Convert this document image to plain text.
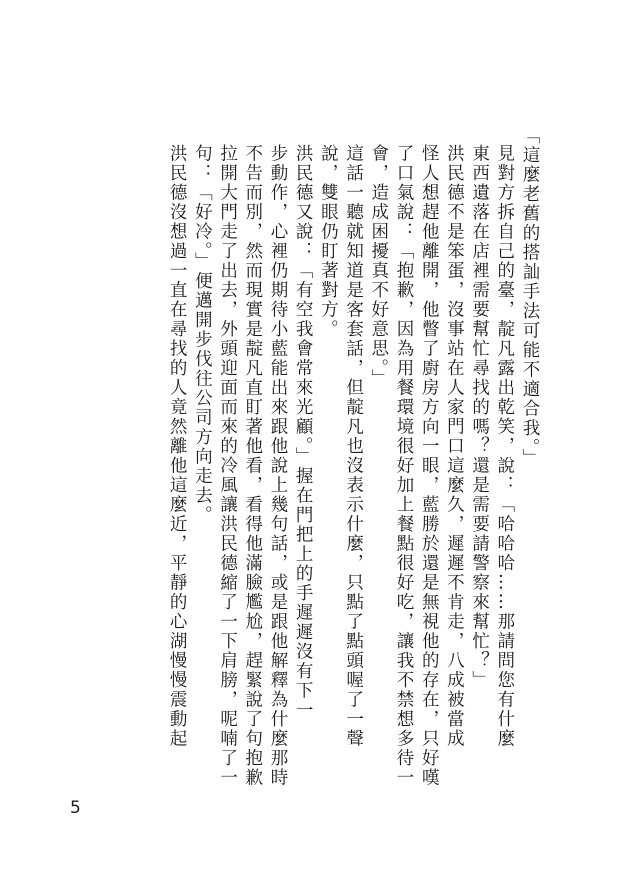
「這麼老舊的搭訕手法可能不適合我。」

見對方拆自己的臺，靛凡露出乾笑，說：「哈哈哈……那請問您有什麼
東西遺落在店裡需要幫忙尋找的嗎？還是需要請警察來幫忙？」

洪民德不是笨蛋，沒事站在人家門口這麼久，遲遲不肯走，八成被當成
怪人想趕他離開，他瞥了廚房方向一眼，藍勝於還是無視他的存在，只好嘆
了口氣說：「抱歉，因為用餐環境很好加上餐點很好吃，讓我不禁想多待一
會，造成困擾真不好意思。」

這話一聽就知道是客套話，但靛凡也沒表示什麼，只點了點頭喔了一聲
說，雙眼仍盯著對方。

洪民德又說：「有空我會常來光顧。」握在門把上的手遲遲沒有下一
步動作，心裡仍期待小藍能出來跟他說上幾句話，或是跟他解釋為什麼那時
不告而別，然而現實是靛凡直盯著他看，看得他滿臉尷尬，趕緊說了句抱歉
拉開大門走了出去，外頭迎面而來的冷風讓洪民德縮了一下肩膀，呢喃了一
句：「好冷。」便邁開步伐往公司方向走去。

洪民德沒想過一直在尋找的人竟然離他這麼近，平靜的心湖慢慢震動起

5
